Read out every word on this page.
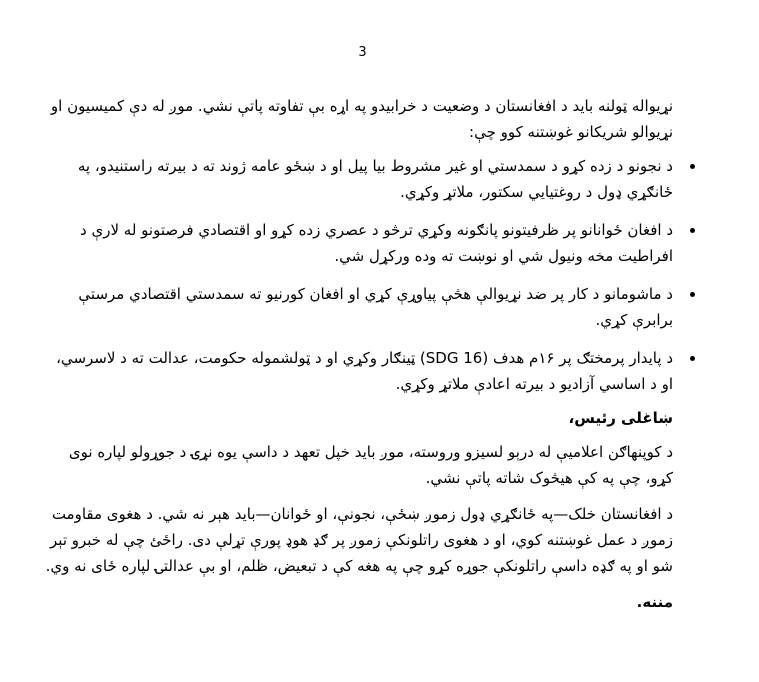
3

نړیواله ټولنه باید د افغانستان د وضعیت د خرابیدو په اړه بې تفاوته پاتې نشي. موږ له دې کمیسیون او نړیوالو شریکانو غوښتنه کوو چې:

د نجونو د زده کړو د سمدستي او غیر مشروط بیا پیل او د ښځو عامه ژوند ته د بیرته راستنیدو، په ځانګړي ډول د روغتیايي سکتور، ملاتړ وکړي.
د افغان ځوانانو پر ظرفیتونو پانګونه وکړي ترڅو د عصري زده کړو او اقتصادي فرصتونو له لارې د افراطیت مخه ونیول شي او نوښت ته وده ورکړل شي.
د ماشومانو د کار پر ضد نړیوالې هڅې پیاوړې کړي او افغان کورنیو ته سمدستي اقتصادي مرستې برابرې کړي.
د پایدار پرمختګ پر ۱۶م هدف (SDG 16) ټینګار وکړي او د ټولشموله حکومت، عدالت ته د لاسرسي، او د اساسي آزادیو د بیرته اعادې ملاتړ وکړي.

ښاغلی رئیس،

د کوپنهاګن اعلامیې له درېو لسیزو وروسته، موږ باید خپل تعهد د داسې یوه نړۍ د جوړولو لپاره نوی کړو، چې په کې هیڅوک شاته پاتې نشي.

د افغانستان خلک—په ځانګړي ډول زموږ ښځې، نجونې، او ځوانان—باید هېر نه شي. د هغوی مقاومت زموږ د عمل غوښتنه کوي، او د هغوی راتلونکې زموږ پر ګډ هوډ پورې تړلې دی. راځئ چې له خبرو تېر شو او په ګډه داسې راتلونکې جوړه کړو چې په هغه کې د تبعیض، ظلم، او بې عدالتۍ لپاره ځای نه وي.

مننه.
